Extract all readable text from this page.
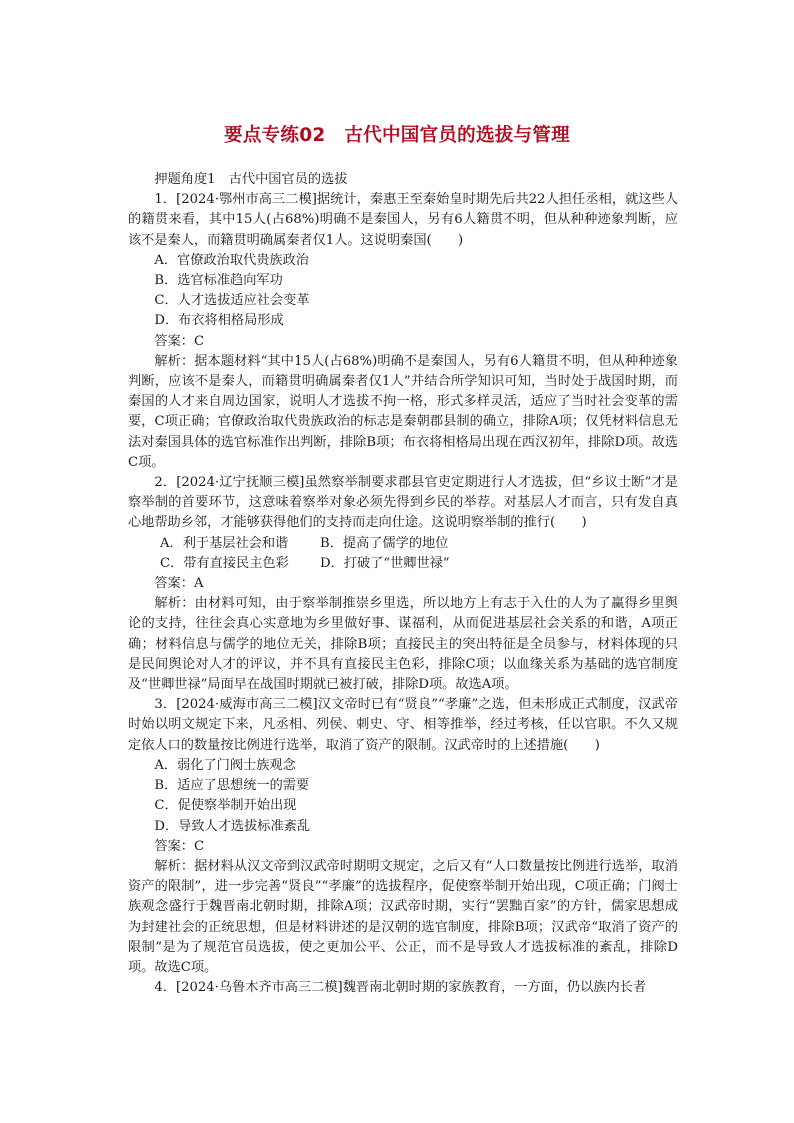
要点专练02　古代中国官员的选拔与管理

押题角度1　古代中国官员的选拔

1．[2024·鄂州市高三二模]据统计，秦惠王至秦始皇时期先后共22人担任丞相，就这些人的籍贯来看，其中15人(占68%)明确不是秦国人，另有6人籍贯不明，但从种种迹象判断，应该不是秦人，而籍贯明确属秦者仅1人。这说明秦国(　　)

A．官僚政治取代贵族政治

B．选官标准趋向军功

C．人才选拔适应社会变革

D．布衣将相格局形成

答案：C

解析：据本题材料“其中15人(占68%)明确不是秦国人，另有6人籍贯不明，但从种种迹象判断，应该不是秦人，而籍贯明确属秦者仅1人”并结合所学知识可知，当时处于战国时期，而秦国的人才来自周边国家，说明人才选拔不拘一格，形式多样灵活，适应了当时社会变革的需要，C项正确；官僚政治取代贵族政治的标志是秦朝郡县制的确立，排除A项；仅凭材料信息无法对秦国具体的选官标准作出判断，排除B项；布衣将相格局出现在西汉初年，排除D项。故选C项。

2．[2024·辽宁抚顺三模]虽然察举制要求郡县官吏定期进行人才选拔，但“乡议士断”才是察举制的首要环节，这意味着察举对象必须先得到乡民的举荐。对基层人才而言，只有发自真心地帮助乡邻，才能够获得他们的支持而走向仕途。这说明察举制的推行(　　)

A．利于基层社会和谐	B．提高了儒学的地位

C．带有直接民主色彩	D．打破了“世卿世禄”

答案：A

解析：由材料可知，由于察举制推崇乡里选，所以地方上有志于入仕的人为了赢得乡里舆论的支持，往往会真心实意地为乡里做好事、谋福利，从而促进基层社会关系的和谐，A项正确；材料信息与儒学的地位无关，排除B项；直接民主的突出特征是全员参与，材料体现的只是民间舆论对人才的评议，并不具有直接民主色彩，排除C项；以血缘关系为基础的选官制度及“世卿世禄”局面早在战国时期就已被打破，排除D项。故选A项。

3．[2024·威海市高三二模]汉文帝时已有“贤良”“孝廉”之选，但未形成正式制度，汉武帝时始以明文规定下来，凡丞相、列侯、刺史、守、相等推举，经过考核，任以官职。不久又规定依人口的数量按比例进行选举，取消了资产的限制。汉武帝时的上述措施(　　)

A．弱化了门阀士族观念

B．适应了思想统一的需要

C．促使察举制开始出现

D．导致人才选拔标准紊乱

答案：C

解析：据材料从汉文帝到汉武帝时期明文规定，之后又有“人口数量按比例进行选举，取消资产的限制”，进一步完善“贤良”“孝廉”的选拔程序，促使察举制开始出现，C项正确；门阀士族观念盛行于魏晋南北朝时期，排除A项；汉武帝时期，实行“罢黜百家”的方针，儒家思想成为封建社会的正统思想，但是材料讲述的是汉朝的选官制度，排除B项；汉武帝“取消了资产的限制”是为了规范官员选拔，使之更加公平、公正，而不是导致人才选拔标准的紊乱，排除D项。故选C项。

4．[2024·乌鲁木齐市高三二模]魏晋南北朝时期的家族教育，一方面，仍以族内长者
